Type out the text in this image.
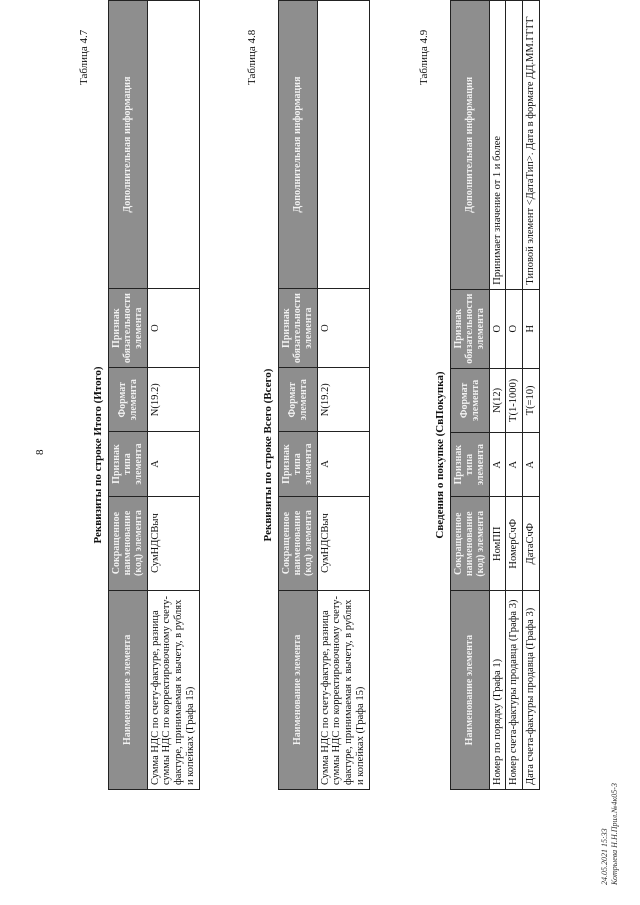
8
Таблица 4.7
Реквизиты по строке Итого (Итого)
Наименование элемента	Сокращенное наименование (код) элемента	Признак типа элемента	Формат элемента	Признак обязательности элемента	Дополнительная информация
Сумма НДС по счету-фактуре, разница суммы НДС по корректировочному счету-фактуре, принимаемая к вычету, в рублях и копейках (Графа 15)	СумНДСВыч	А	N(19.2)	О	
Таблица 4.8
Реквизиты по строке Всего (Всего)
Наименование элемента	Сокращенное наименование (код) элемента	Признак типа элемента	Формат элемента	Признак обязательности элемента	Дополнительная информация
Сумма НДС по счету-фактуре, разница суммы НДС по корректировочному счету-фактуре, принимаемая к вычету, в рублях и копейках (Графа 15)	СумНДСВыч	А	N(19.2)	О	
Таблица 4.9
Сведения о покупке (СвПокупка)
Наименование элемента	Сокращенное наименование (код) элемента	Признак типа элемента	Формат элемента	Признак обязательности элемента	Дополнительная информация
Номер по порядку (Графа 1)	НомПП	А	N(12)	О	Принимает значение от 1 и более
Номер счета-фактуры продавца (Графа 3)	НомерСчФ	А	T(1-1000)	О	
Дата счета-фактуры продавца (Графа 3)	ДатаСчФ	А	T(=10)	Н	Типовой элемент <ДатаТип>. Дата в формате ДД.ММ.ГГГГ
24.05.2021 15:33 Котрыева Н.Н.Прил.№4к05-3
